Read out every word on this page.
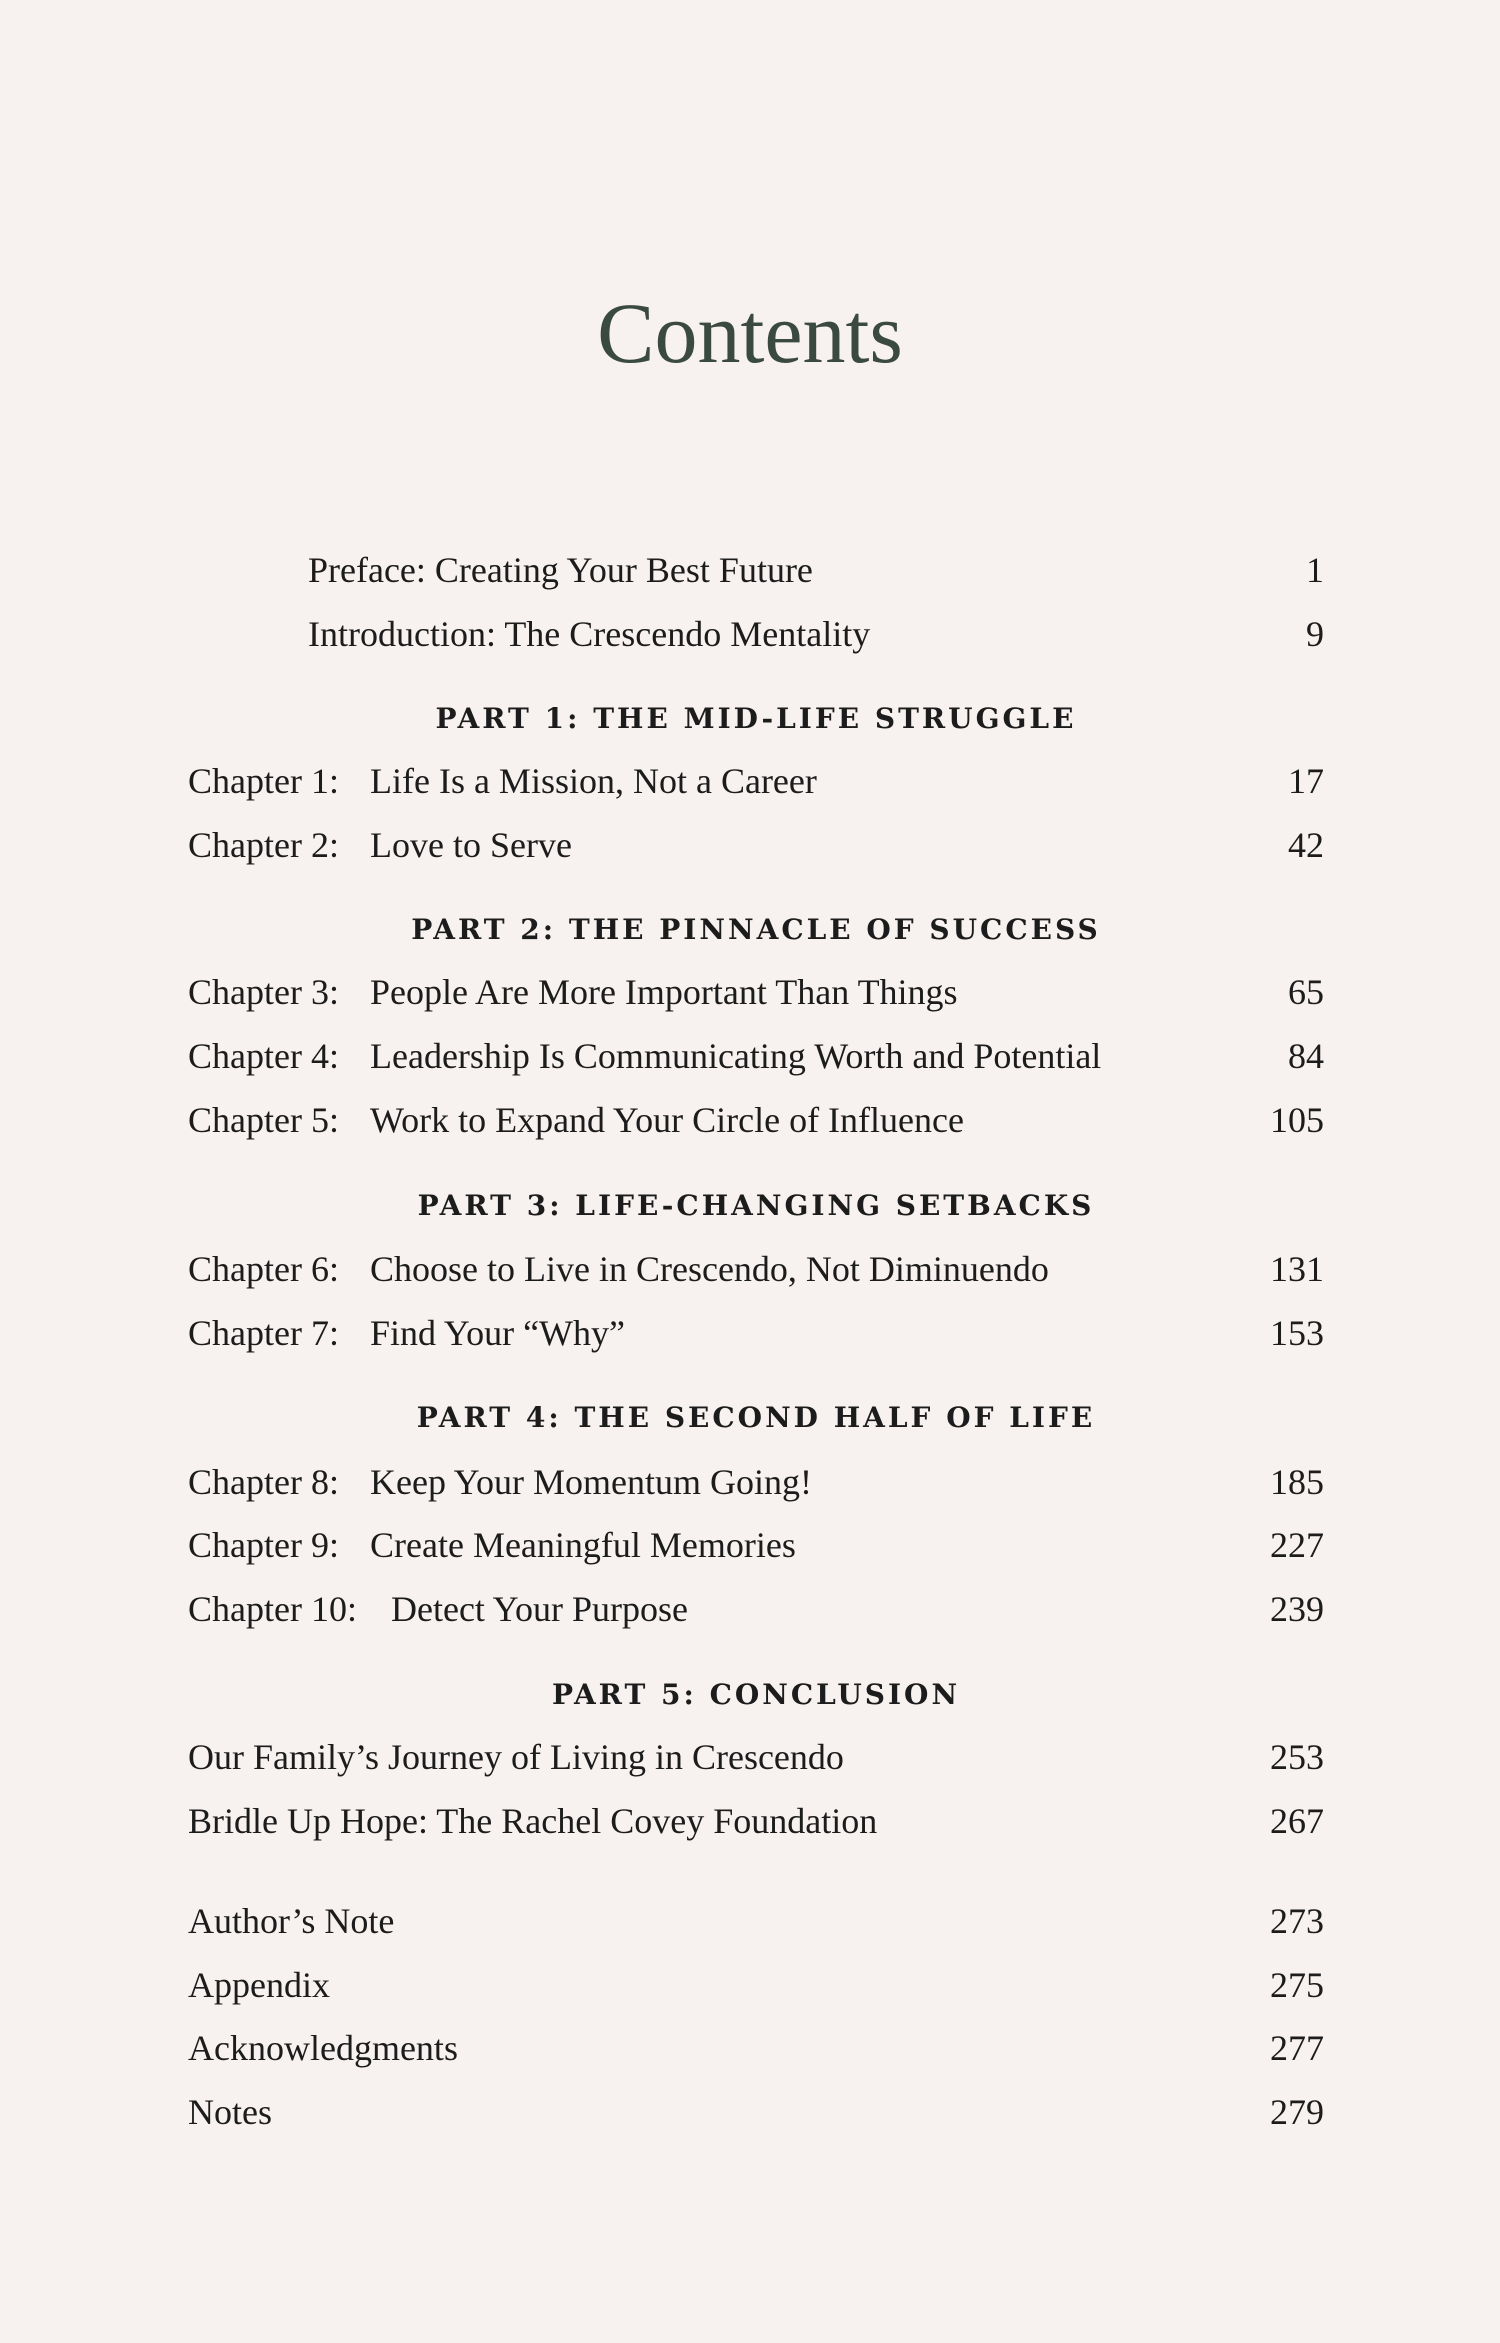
Contents
Preface: Creating Your Best Future	1
Introduction: The Crescendo Mentality	9
PART 1: THE MID-LIFE STRUGGLE
Chapter 1: Life Is a Mission, Not a Career	17
Chapter 2: Love to Serve	42
PART 2: THE PINNACLE OF SUCCESS
Chapter 3: People Are More Important Than Things	65
Chapter 4: Leadership Is Communicating Worth and Potential	84
Chapter 5: Work to Expand Your Circle of Influence	105
PART 3: LIFE-CHANGING SETBACKS
Chapter 6: Choose to Live in Crescendo, Not Diminuendo	131
Chapter 7: Find Your “Why”	153
PART 4: THE SECOND HALF OF LIFE
Chapter 8: Keep Your Momentum Going!	185
Chapter 9: Create Meaningful Memories	227
Chapter 10: Detect Your Purpose	239
PART 5: CONCLUSION
Our Family’s Journey of Living in Crescendo	253
Bridle Up Hope: The Rachel Covey Foundation	267
Author’s Note	273
Appendix	275
Acknowledgments	277
Notes	279
